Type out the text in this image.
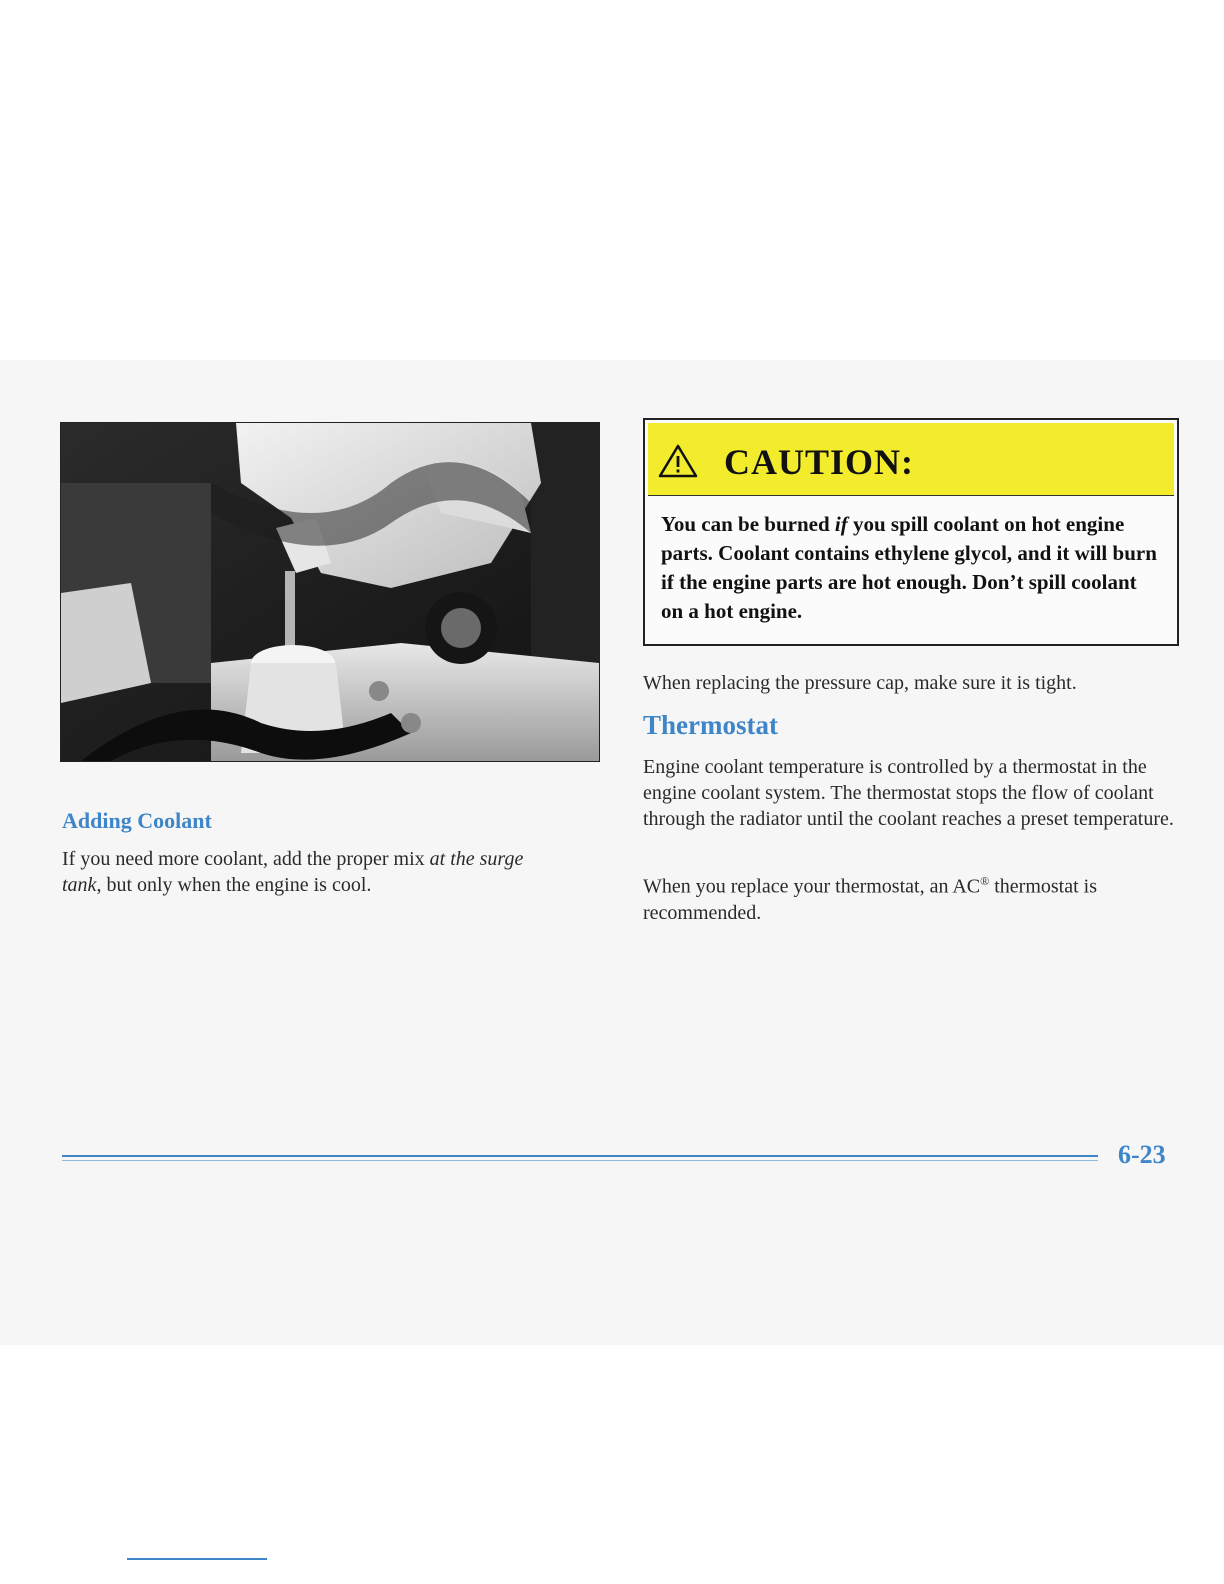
Adding Coolant

If you need more coolant, add the proper mix at the surge tank, but only when the engine is cool.

CAUTION:

You can be burned if you spill coolant on hot engine parts. Coolant contains ethylene glycol, and it will burn if the engine parts are hot enough. Don’t spill coolant on a hot engine.

When replacing the pressure cap, make sure it is tight.

Thermostat

Engine coolant temperature is controlled by a thermostat in the engine coolant system. The thermostat stops the flow of coolant through the radiator until the coolant reaches a preset temperature.

When you replace your thermostat, an AC® thermostat is recommended.

6-23
